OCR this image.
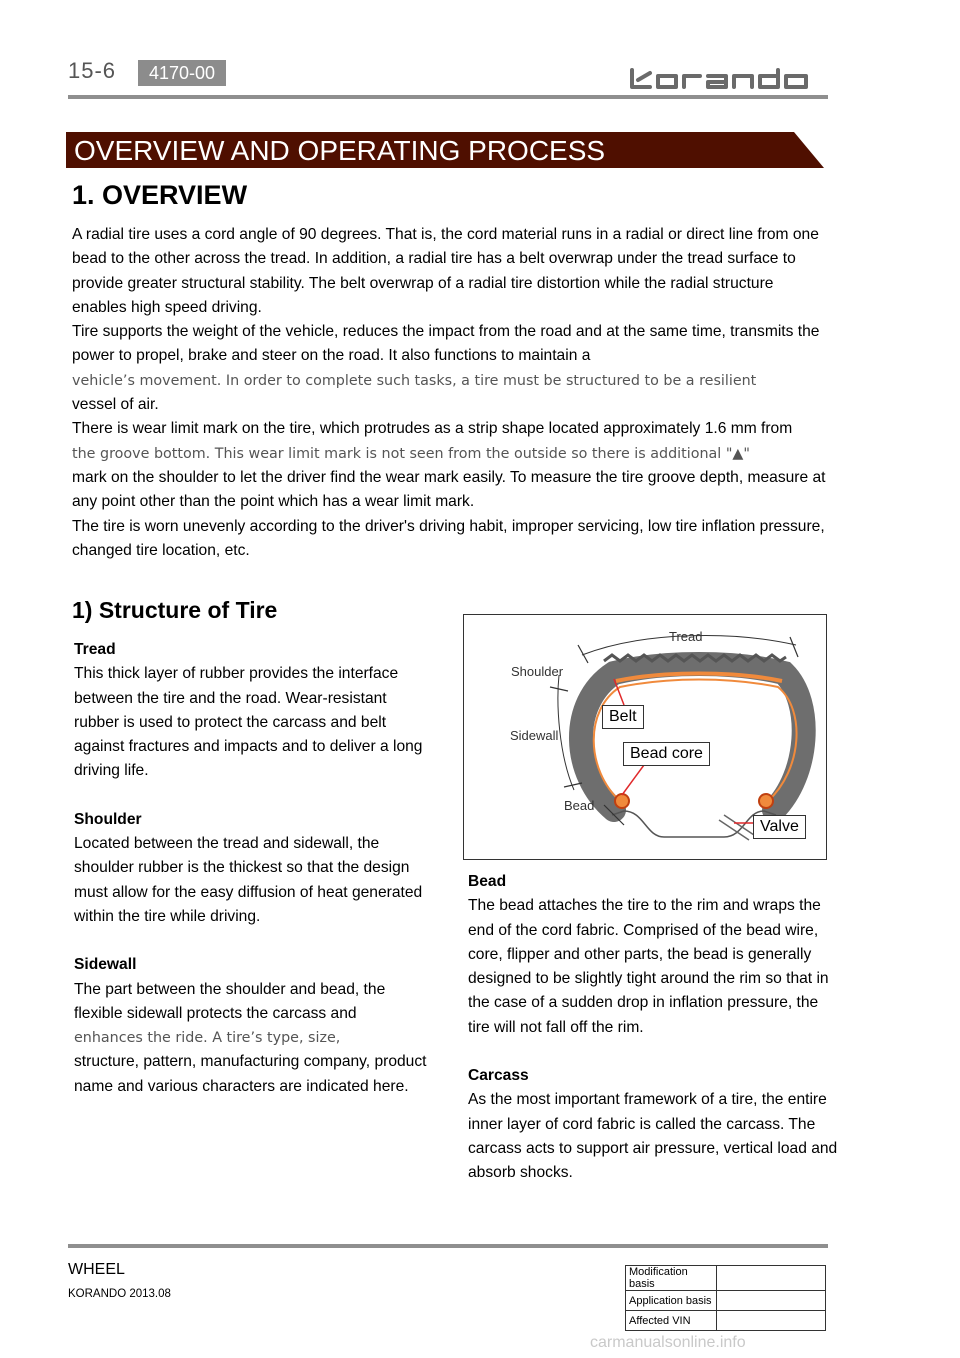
15-6	4170-00
OVERVIEW AND OPERATING PROCESS
1. OVERVIEW

A radial tire uses a cord angle of 90 degrees. That is, the cord material runs in a radial or direct line from one bead to the other across the tread. In addition, a radial tire has a belt overwrap under the tread surface to provide greater structural stability. The belt overwrap of a radial tire distortion while the radial structure enables high speed driving.

Tire supports the weight of the vehicle, reduces the impact from the road and at the same time, transmits the power to propel, brake and steer on the road. It also functions to maintain a

vehicle’s movement. In order to complete such tasks, a tire must be structured to be a resilient

vessel of air.

There is wear limit mark on the tire, which protrudes as a strip shape located approximately 1.6 mm from

the groove bottom. This wear limit mark is not seen from the outside so there is additional "▲"

mark on the shoulder to let the driver find the wear mark easily. To measure the tire groove depth, measure at any point other than the point which has a wear limit mark.

The tire is worn unevenly according to the driver's driving habit, improper servicing, low tire inflation pressure, changed tire location, etc.

1) Structure of Tire

Tread

This thick layer of rubber provides the interface between the tire and the road. Wear-resistant rubber is used to protect the carcass and belt against fractures and impacts and to deliver a long driving life.

Shoulder

Located between the tread and sidewall, the shoulder rubber is the thickest so that the design must allow for the easy diffusion of heat generated within the tire while driving.

Sidewall

The part between the shoulder and bead, the flexible sidewall protects the carcass and

enhances the ride. A tire’s type, size,

structure, pattern, manufacturing company, product name and various characters are indicated here.

Tread
Shoulder
Sidewall
Bead
Belt
Bead core
Valve

Bead

The bead attaches the tire to the rim and wraps the end of the cord fabric. Comprised of the bead wire, core, flipper and other parts, the bead is generally designed to be slightly tight around the rim so that in the case of a sudden drop in inflation pressure, the tire will not fall off the rim.

Carcass

As the most important framework of a tire, the entire inner layer of cord fabric is called the carcass. The carcass acts to support air pressure, vertical load and absorb shocks.

WHEEL
KORANDO 2013.08
Modification basis	
Application basis	
Affected VIN	
carmanualsonline.info
